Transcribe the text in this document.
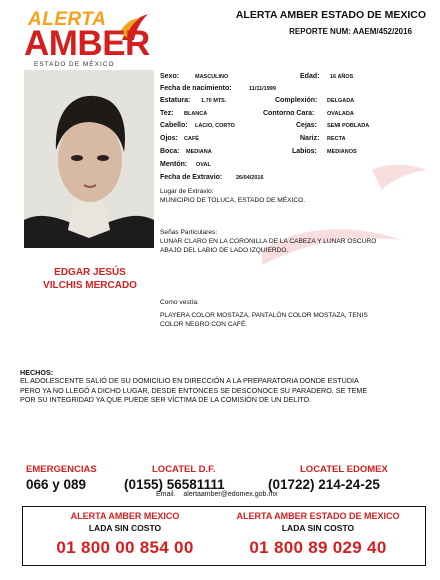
ALERTA
AMBER
ESTADO DE MÉXICO
ALERTA AMBER ESTADO DE MEXICO
REPORTE NUM: AAEM/452/2016
EDGAR JESÚS
VILCHIS MERCADO
Sexo:	MASCULINO	Edad: 16 AÑOS
Fecha de nacimiento:	11/11/1999
Estatura: 1.70 MTS.	Complexión: DELGADA
Tez: BLANCA	Contorno Cara: OVALADA
Cabello: LACIO, CORTO	Cejas: SEMI POBLADA
Ojos: CAFÉ	Nariz: RECTA
Boca: MEDIANA	Labios: MEDIANOS
Mentón: OVAL
Fecha de Extravio:	26/04/2016
Lugar de Extravio:
MUNICIPIO DE TOLUCA, ESTADO DE MÉXICO.
Señas Particulares:
LUNAR CLARO EN LA CORONILLA DE LA CABEZA Y LUNAR OSCURO
ABAJO DEL LABIO DE LADO IZQUIERDO.
Como vestía:
PLAYERA COLOR MOSTAZA, PANTALÓN COLOR MOSTAZA, TENIS
COLOR NEGRO CON CAFÉ.
HECHOS:
EL ADOLESCENTE SALIÓ DE SU DOMICILIO EN DIRECCIÓN A LA PREPARATORIA DONDE ESTUDIA
PERO YA NO LLEGÓ A DICHO LUGAR, DESDE ENTONCES SE DESCONOCE SU PARADERO. SE TEME
POR SU INTEGRIDAD YA QUE PUEDE SER VÍCTIMA DE LA COMISIÓN DE UN DELITO.
EMERGENCIAS
066 y 089
LOCATEL D.F.
(0155) 56581111
LOCATEL EDOMEX
(01722) 214-24-25
Email. alertaamber@edomex.gob.mx
ALERTA AMBER MEXICO
LADA SIN COSTO
01 800 00 854 00
ALERTA AMBER ESTADO DE MEXICO
LADA SIN COSTO
01 800 89 029 40
